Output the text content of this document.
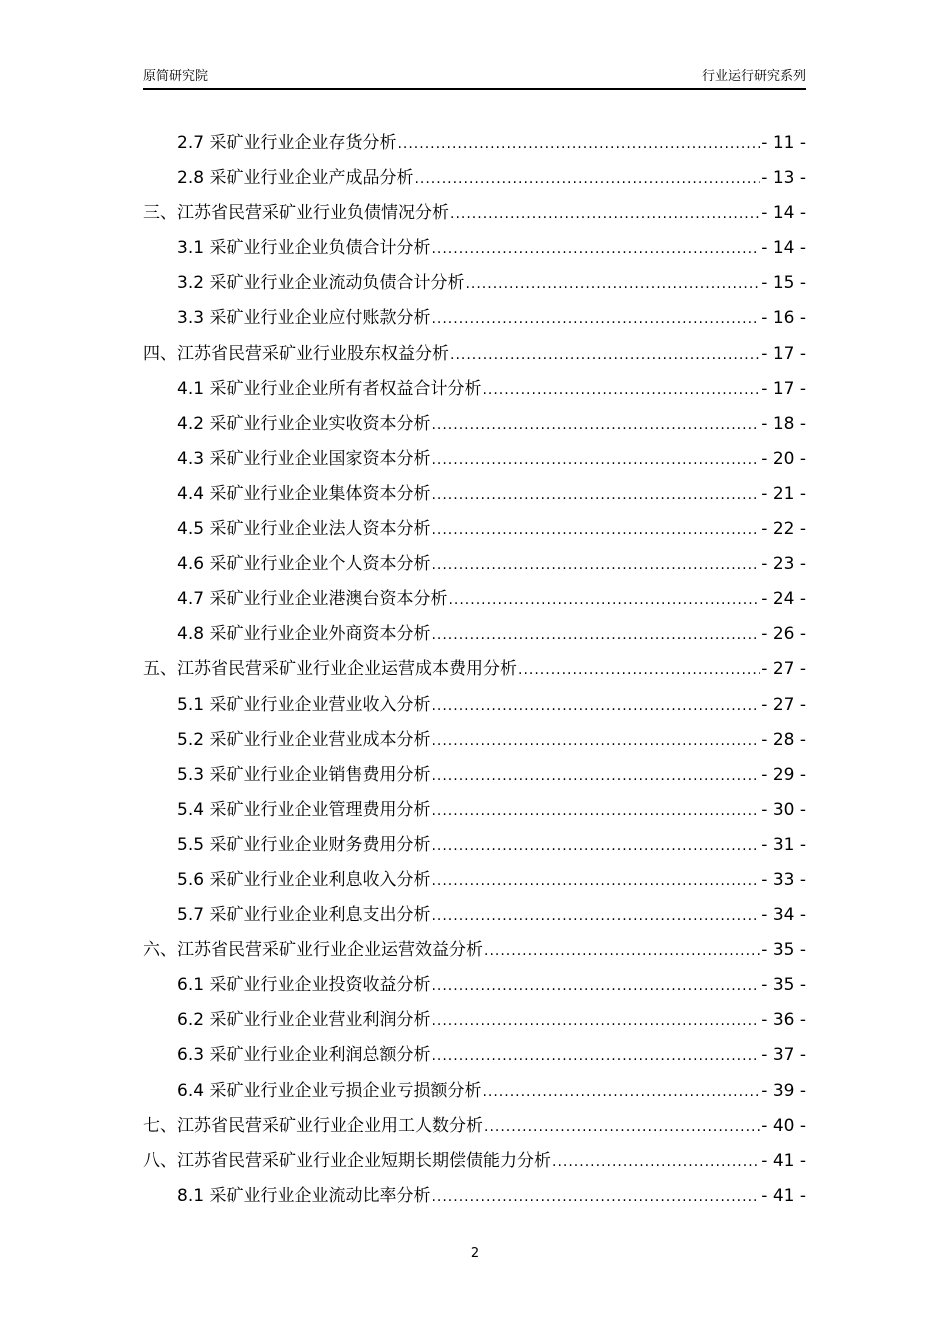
原简研究院	行业运行研究系列
2.7 采矿业行业企业存货分析 .....	- 11 -
2.8 采矿业行业企业产成品分析 .....	- 13 -
三、江苏省民营采矿业行业负债情况分析 .....	- 14 -
3.1 采矿业行业企业负债合计分析 .....	- 14 -
3.2 采矿业行业企业流动负债合计分析 .....	- 15 -
3.3 采矿业行业企业应付账款分析 .....	- 16 -
四、江苏省民营采矿业行业股东权益分析 .....	- 17 -
4.1 采矿业行业企业所有者权益合计分析 .....	- 17 -
4.2 采矿业行业企业实收资本分析 .....	- 18 -
4.3 采矿业行业企业国家资本分析 .....	- 20 -
4.4 采矿业行业企业集体资本分析 .....	- 21 -
4.5 采矿业行业企业法人资本分析 .....	- 22 -
4.6 采矿业行业企业个人资本分析 .....	- 23 -
4.7 采矿业行业企业港澳台资本分析 .....	- 24 -
4.8 采矿业行业企业外商资本分析 .....	- 26 -
五、江苏省民营采矿业行业企业运营成本费用分析 .....	- 27 -
5.1 采矿业行业企业营业收入分析 .....	- 27 -
5.2 采矿业行业企业营业成本分析 .....	- 28 -
5.3 采矿业行业企业销售费用分析 .....	- 29 -
5.4 采矿业行业企业管理费用分析 .....	- 30 -
5.5 采矿业行业企业财务费用分析 .....	- 31 -
5.6 采矿业行业企业利息收入分析 .....	- 33 -
5.7 采矿业行业企业利息支出分析 .....	- 34 -
六、江苏省民营采矿业行业企业运营效益分析 .....	- 35 -
6.1 采矿业行业企业投资收益分析 .....	- 35 -
6.2 采矿业行业企业营业利润分析 .....	- 36 -
6.3 采矿业行业企业利润总额分析 .....	- 37 -
6.4 采矿业行业企业亏损企业亏损额分析 .....	- 39 -
七、江苏省民营采矿业行业企业用工人数分析 .....	- 40 -
八、江苏省民营采矿业行业企业短期长期偿债能力分析 .....	- 41 -
8.1 采矿业行业企业流动比率分析 .....	- 41 -
2
